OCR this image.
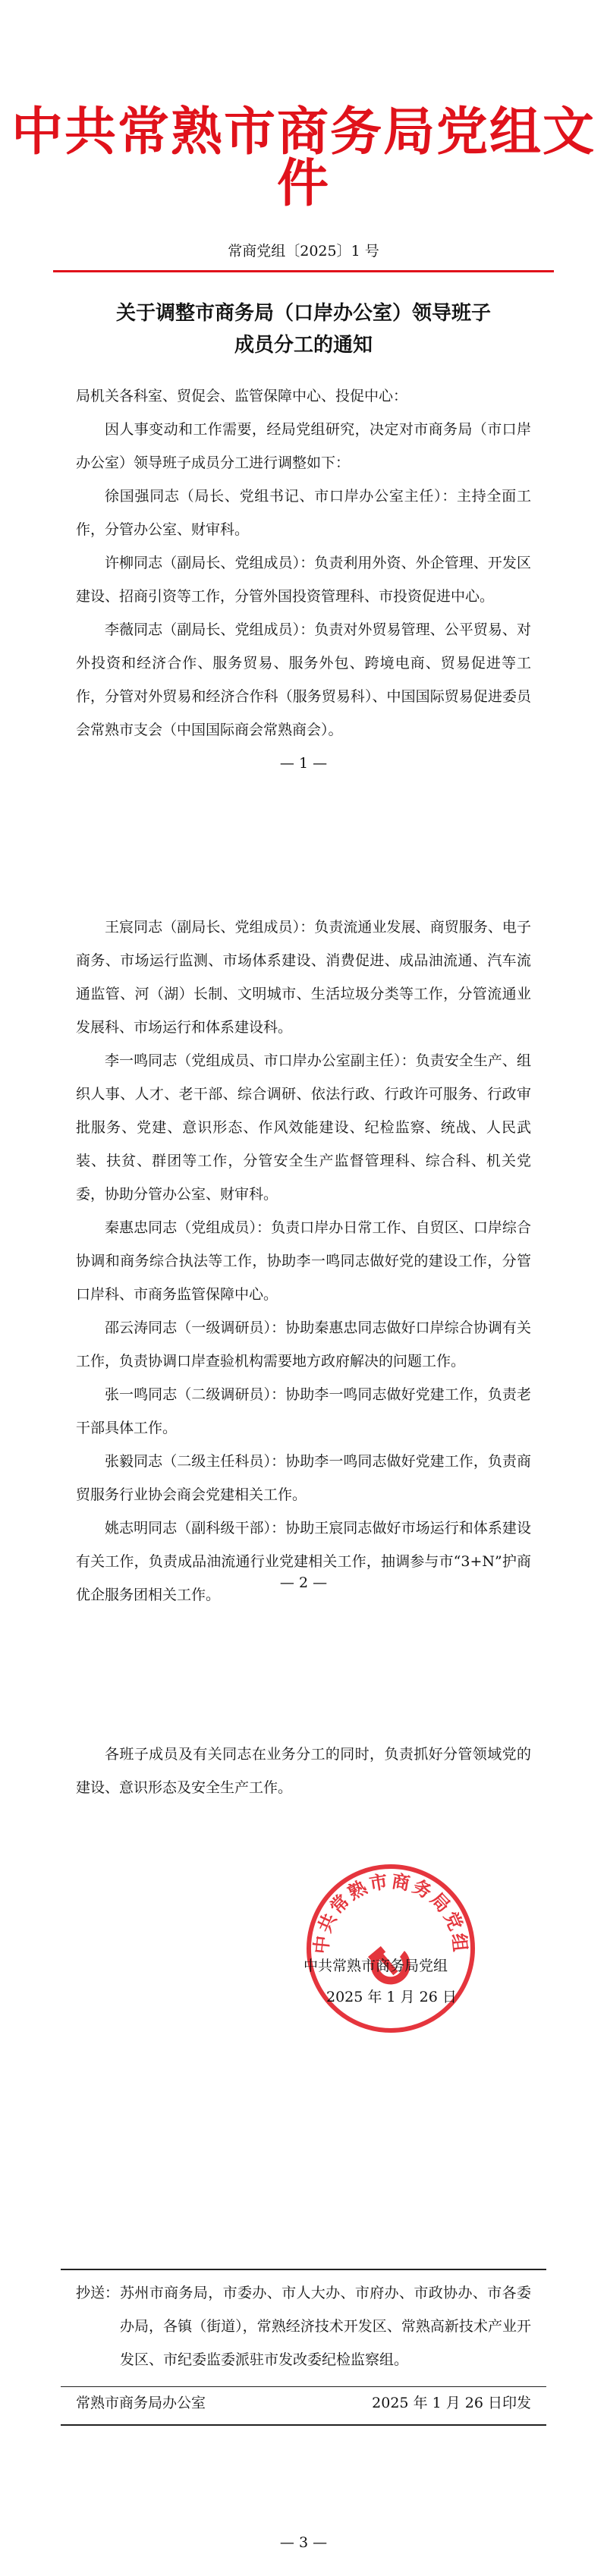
中共常熟市商务局党组文件
常商党组〔2025〕1 号
关于调整市商务局（口岸办公室）领导班子
成员分工的通知

局机关各科室、贸促会、监管保障中心、投促中心：

因人事变动和工作需要，经局党组研究，决定对市商务局（市口岸办公室）领导班子成员分工进行调整如下：

徐国强同志（局长、党组书记、市口岸办公室主任）：主持全面工作，分管办公室、财审科。

许柳同志（副局长、党组成员）：负责利用外资、外企管理、开发区建设、招商引资等工作，分管外国投资管理科、市投资促进中心。

李薇同志（副局长、党组成员）：负责对外贸易管理、公平贸易、对外投资和经济合作、服务贸易、服务外包、跨境电商、贸易促进等工作，分管对外贸易和经济合作科（服务贸易科）、中国国际贸易促进委员会常熟市支会（中国国际商会常熟商会）。

— 1 —

王宸同志（副局长、党组成员）：负责流通业发展、商贸服务、电子商务、市场运行监测、市场体系建设、消费促进、成品油流通、汽车流通监管、河（湖）长制、文明城市、生活垃圾分类等工作，分管流通业发展科、市场运行和体系建设科。

李一鸣同志（党组成员、市口岸办公室副主任）：负责安全生产、组织人事、人才、老干部、综合调研、依法行政、行政许可服务、行政审批服务、党建、意识形态、作风效能建设、纪检监察、统战、人民武装、扶贫、群团等工作，分管安全生产监督管理科、综合科、机关党委，协助分管办公室、财审科。

秦惠忠同志（党组成员）：负责口岸办日常工作、自贸区、口岸综合协调和商务综合执法等工作，协助李一鸣同志做好党的建设工作，分管口岸科、市商务监管保障中心。

邵云涛同志（一级调研员）：协助秦惠忠同志做好口岸综合协调有关工作，负责协调口岸查验机构需要地方政府解决的问题工作。

张一鸣同志（二级调研员）：协助李一鸣同志做好党建工作，负责老干部具体工作。

张毅同志（二级主任科员）：协助李一鸣同志做好党建工作，负责商贸服务行业协会商会党建相关工作。

姚志明同志（副科级干部）：协助王宸同志做好市场运行和体系建设有关工作，负责成品油流通行业党建相关工作，抽调参与市“3+N”护商优企服务团相关工作。

— 2 —

各班子成员及有关同志在业务分工的同时，负责抓好分管领域党的建设、意识形态及安全生产工作。

中共常熟市商务局党组
中共常熟市商务局党组
2025 年 1 月 26 日
抄送： 苏州市商务局，市委办、市人大办、市府办、市政协办、市各委办局，各镇（街道），常熟经济技术开发区、常熟高新技术产业开发区、市纪委监委派驻市发改委纪检监察组。
常熟市商务局办公室	2025 年 1 月 26 日印发
— 3 —
